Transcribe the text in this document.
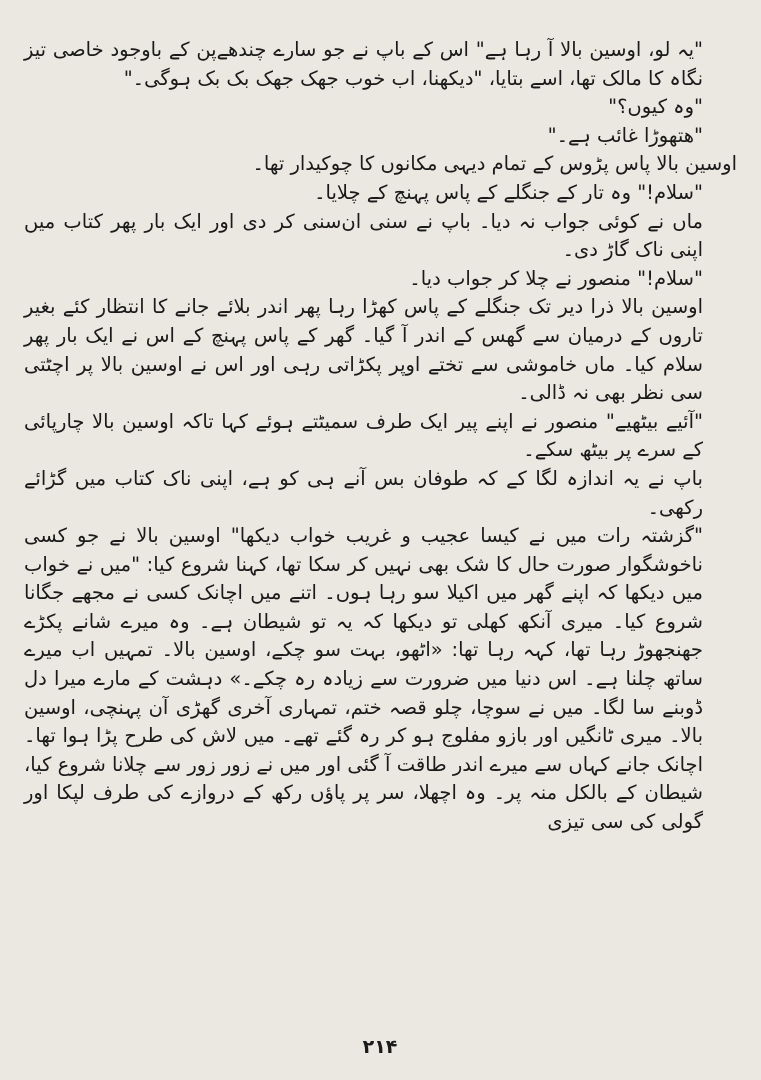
"یہ لو، اوسین بالا آ رہا ہے" اس کے باپ نے جو سارے چندھےپن کے باوجود خاصی تیز نگاہ کا مالک تھا، اسے بتایا، "دیکھنا، اب خوب جھک جھک بک بک ہوگی۔"

"وہ کیوں؟"

"ھتھوڑا غائب ہے۔"

اوسین بالا پاس پڑوس کے تمام دیہی مکانوں کا چوکیدار تھا۔

"سلام!" وہ تار کے جنگلے کے پاس پہنچ کے چلایا۔

ماں نے کوئی جواب نہ دیا۔ باپ نے سنی ان‌سنی کر دی اور ایک بار پھر کتاب میں اپنی ناک گاڑ دی۔

"سلام!" منصور نے چلا کر جواب دیا۔

اوسین بالا ذرا دیر تک جنگلے کے پاس کھڑا رہا پھر اندر بلائے جانے کا انتظار کئے بغیر تاروں کے درمیان سے گھس کے اندر آ گیا۔ گھر کے پاس پہنچ کے اس نے ایک بار پھر سلام کیا۔ ماں خاموشی سے تختے اوپر پکڑاتی رہی اور اس نے اوسین بالا پر اچٹتی سی نظر بھی نہ ڈالی۔

"آئیے بیٹھیے" منصور نے اپنے پیر ایک طرف سمیٹتے ہوئے کہا تاکہ اوسین بالا چارپائی کے سرے پر بیٹھ سکے۔

باپ نے یہ اندازہ لگا کے کہ طوفان بس آنے ہی کو ہے، اپنی ناک کتاب میں گڑائے رکھی۔

"گزشتہ رات میں نے کیسا عجیب و غریب خواب دیکھا" اوسین بالا نے جو کسی ناخوشگوار صورت حال کا شک بھی نہیں کر سکا تھا، کہنا شروع کیا: "میں نے خواب میں دیکھا کہ اپنے گھر میں اکیلا سو رہا ہوں۔ اتنے میں اچانک کسی نے مجھے جگانا شروع کیا۔ میری آنکھ کھلی تو دیکھا کہ یہ تو شیطان ہے۔ وہ میرے شانے پکڑے جھنجھوڑ رہا تھا، کہہ رہا تھا: «اٹھو، بہت سو چکے، اوسین بالا۔ تمہیں اب میرے ساتھ چلنا ہے۔ اس دنیا میں ضرورت سے زیادہ رہ چکے۔» دہشت کے مارے میرا دل ڈوبنے سا لگا۔ میں نے سوچا، چلو قصہ ختم، تمہاری آخری گھڑی آن پہنچی، اوسین بالا۔ میری ٹانگیں اور بازو مفلوج ہو کر رہ گئے تھے۔ میں لاش کی طرح پڑا ہوا تھا۔ اچانک جانے کہاں سے میرے اندر طاقت آ گئی اور میں نے زور زور سے چلانا شروع کیا، شیطان کے بالکل منہ پر۔ وہ اچھلا، سر پر پاؤں رکھ کے دروازے کی طرف لپکا اور گولی کی سی تیزی

۲۱۴
